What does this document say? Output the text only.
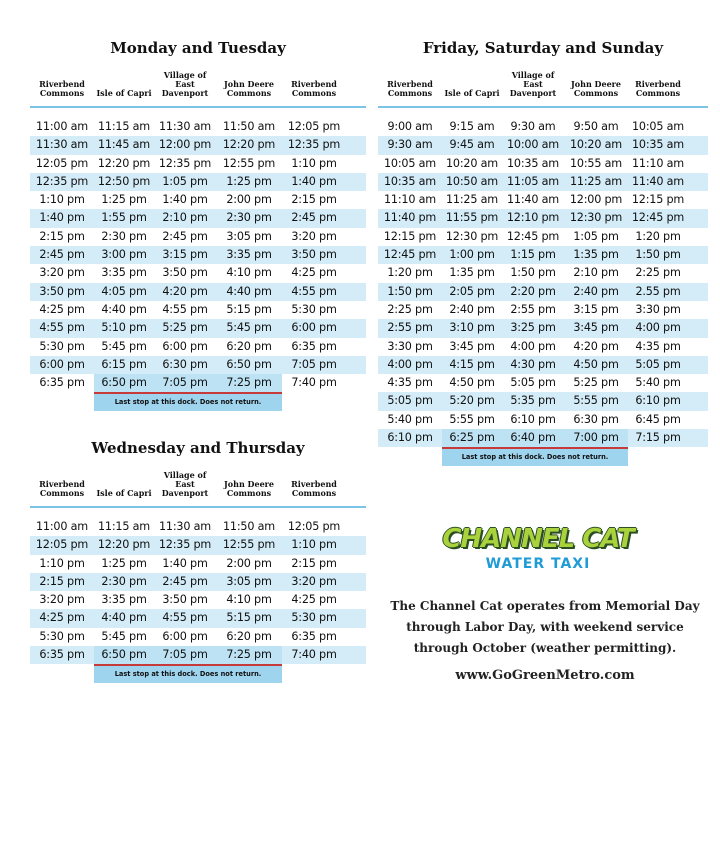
Monday and Tuesday
Riverbend Commons	Isle of Capri
Village of East Davenport
John Deere Commons
Riverbend Commons
11:00 am 11:15 am 11:30 am	11:50 am	12:05 pm
11:30 am 11:45 am 12:00 pm	12:20 pm	12:35 pm
12:05 pm 12:20 pm 12:35 pm	12:55 pm	1:10 pm
12:35 pm 12:50 pm	1:05 pm	1:25 pm	1:40 pm
1:10 pm	1:25 pm	1:40 pm	2:00 pm	2:15 pm
1:40 pm	1:55 pm	2:10 pm	2:30 pm	2:45 pm
2:15 pm	2:30 pm	2:45 pm	3:05 pm	3:20 pm
2:45 pm	3:00 pm	3:15 pm	3:35 pm	3:50 pm
3:20 pm	3:35 pm	3:50 pm	4:10 pm	4:25 pm
3:50 pm	4:05 pm	4:20 pm	4:40 pm	4:55 pm
4:25 pm	4:40 pm	4:55 pm	5:15 pm	5:30 pm
4:55 pm	5:10 pm	5:25 pm	5:45 pm	6:00 pm
5:30 pm	5:45 pm	6:00 pm	6:20 pm	6:35 pm
6:00 pm	6:15 pm	6:30 pm	6:50 pm	7:05 pm
6:35 pm	6:50 pm	7:05 pm	7:25 pm	7:40 pm
Last stop at this dock. Does not return.
Wednesday and Thursday
Riverbend Commons	Isle of Capri
Village of East Davenport
John Deere Commons
Riverbend Commons
11:00 am 11:15 am 11:30 am	11:50 am	12:05 pm
12:05 pm 12:20 pm 12:35 pm	12:55 pm	1:10 pm
1:10 pm	1:25 pm	1:40 pm	2:00 pm	2:15 pm
2:15 pm	2:30 pm	2:45 pm	3:05 pm	3:20 pm
3:20 pm	3:35 pm	3:50 pm	4:10 pm	4:25 pm
4:25 pm	4:40 pm	4:55 pm	5:15 pm	5:30 pm
5:30 pm	5:45 pm	6:00 pm	6:20 pm	6:35 pm
6:35 pm	6:50 pm	7:05 pm	7:25 pm	7:40 pm
Last stop at this dock. Does not return.
Friday, Saturday and Sunday
Riverbend Commons	Isle of Capri
Village of East Davenport
John Deere Commons
Riverbend Commons
9:00 am	9:15 am	9:30 am	9:50 am	10:05 am
9:30 am	9:45 am	10:00 am 10:20 am 10:35 am
10:05 am 10:20 am 10:35 am 10:55 am 11:10 am
10:35 am 10:50 am 11:05 am 11:25 am 11:40 am
11:10 am 11:25 am 11:40 am 12:00 pm 12:15 pm
11:40 pm 11:55 pm 12:10 pm 12:30 pm 12:45 pm
12:15 pm 12:30 pm 12:45 pm	1:05 pm	1:20 pm
12:45 pm	1:00 pm	1:15 pm	1:35 pm	1:50 pm
1:20 pm	1:35 pm	1:50 pm	2:10 pm	2:25 pm
1:50 pm	2:05 pm	2:20 pm	2:40 pm	2.55 pm
2:25 pm	2:40 pm	2:55 pm	3:15 pm	3:30 pm
2:55 pm	3:10 pm	3:25 pm	3:45 pm	4:00 pm
3:30 pm	3:45 pm	4:00 pm	4:20 pm	4:35 pm
4:00 pm	4:15 pm	4:30 pm	4:50 pm	5:05 pm
4:35 pm	4:50 pm	5:05 pm	5:25 pm	5:40 pm
5:05 pm	5:20 pm	5:35 pm	5:55 pm	6:10 pm
5:40 pm	5:55 pm	6:10 pm	6:30 pm	6:45 pm
6:10 pm	6:25 pm	6:40 pm	7:00 pm	7:15 pm
Last stop at this dock. Does not return.
CHANNEL CAT
WATER TAXI
The Channel Cat operates from Memorial Day
through Labor Day, with weekend service
through October (weather permitting).
www.GoGreenMetro.com
